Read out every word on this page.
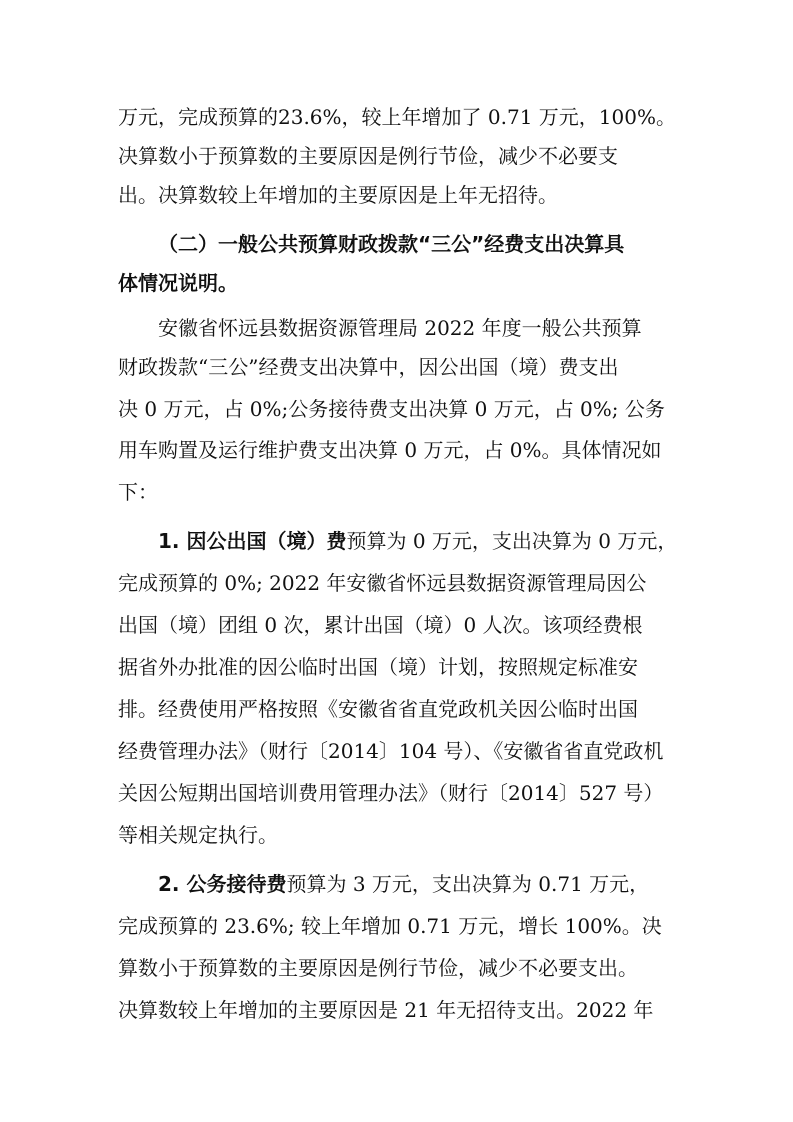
万元，完成预算的23.6%，较上年增加了 0.71 万元，100%。
决算数小于预算数的主要原因是例行节俭，减少不必要支
出。决算数较上年增加的主要原因是上年无招待。
（二）一般公共预算财政拨款“三公”经费支出决算具
体情况说明。
安徽省怀远县数据资源管理局 2022 年度一般公共预算
财政拨款“三公”经费支出决算中，因公出国（境）费支出
决 0 万元，占 0%;公务接待费支出决算 0 万元，占 0%; 公务
用车购置及运行维护费支出决算 0 万元，占 0%。具体情况如
下：
1. 因公出国（境）费预算为 0 万元，支出决算为 0 万元，
完成预算的 0%; 2022 年安徽省怀远县数据资源管理局因公
出国（境）团组 0 次，累计出国（境）0 人次。该项经费根
据省外办批准的因公临时出国（境）计划，按照规定标准安
排。经费使用严格按照《安徽省省直党政机关因公临时出国
经费管理办法》（财行〔2014〕104 号）、《安徽省省直党政机
关因公短期出国培训费用管理办法》（财行〔2014〕527 号）
等相关规定执行。
2. 公务接待费预算为 3 万元，支出决算为 0.71 万元，
完成预算的 23.6%; 较上年增加 0.71 万元，增长 100%。决
算数小于预算数的主要原因是例行节俭，减少不必要支出。
决算数较上年增加的主要原因是 21 年无招待支出。2022 年
